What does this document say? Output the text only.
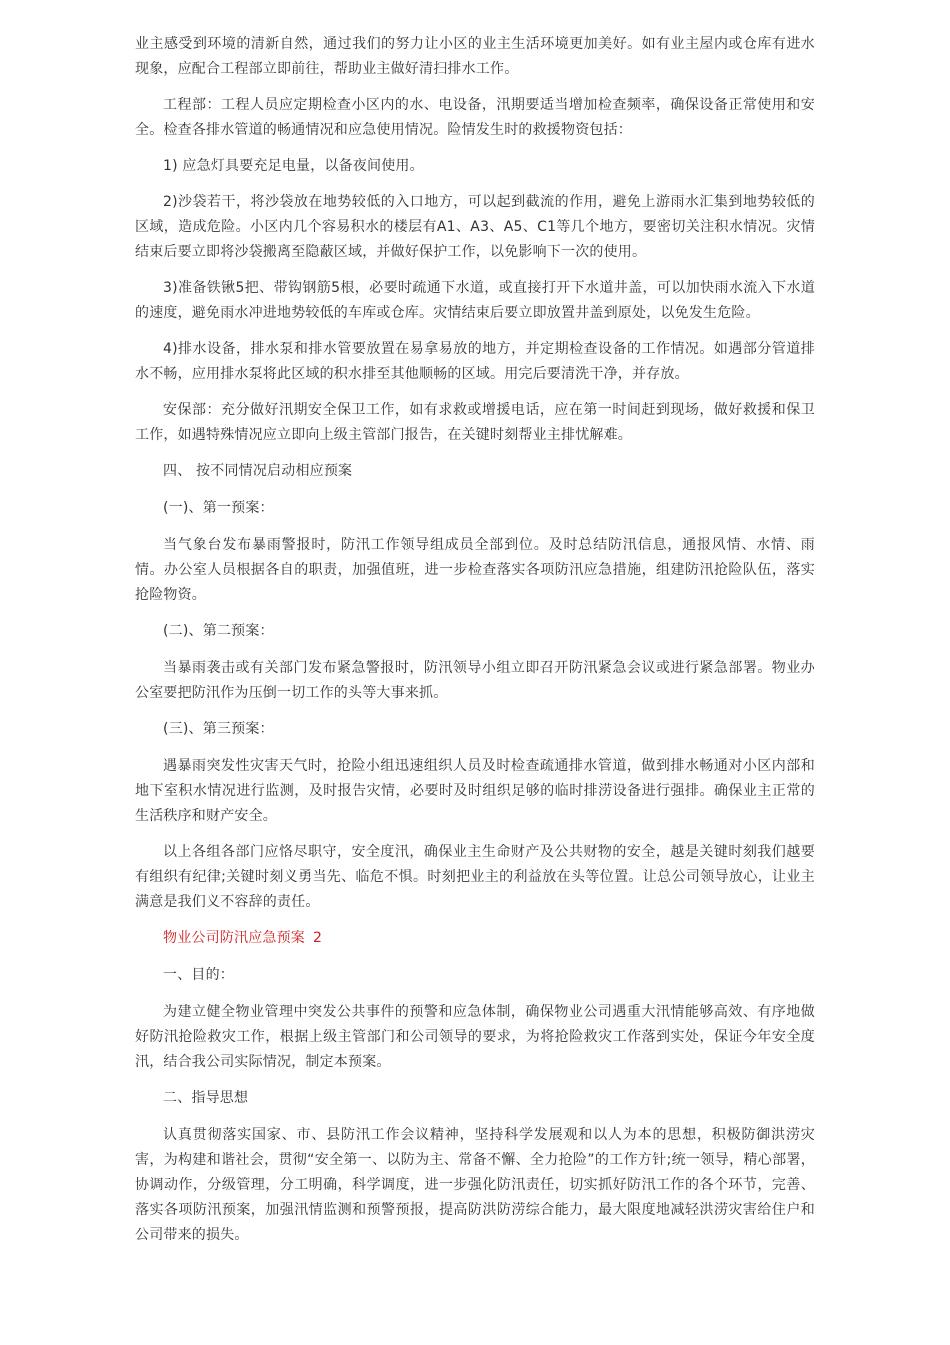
业主感受到环境的清新自然，通过我们的努力让小区的业主生活环境更加美好。如有业主屋内或仓库有进水现象，应配合工程部立即前往，帮助业主做好清扫排水工作。

工程部：工程人员应定期检查小区内的水、电设备，汛期要适当增加检查频率，确保设备正常使用和安全。检查各排水管道的畅通情况和应急使用情况。险情发生时的救援物资包括：

1) 应急灯具要充足电量，以备夜间使用。

2)沙袋若干，将沙袋放在地势较低的入口地方，可以起到截流的作用，避免上游雨水汇集到地势较低的区域，造成危险。小区内几个容易积水的楼层有A1、A3、A5、C1等几个地方，要密切关注积水情况。灾情结束后要立即将沙袋搬离至隐蔽区域，并做好保护工作，以免影响下一次的使用。

3)准备铁锹5把、带钩钢筋5根，必要时疏通下水道，或直接打开下水道井盖，可以加快雨水流入下水道的速度，避免雨水冲进地势较低的车库或仓库。灾情结束后要立即放置井盖到原处，以免发生危险。

4)排水设备，排水泵和排水管要放置在易拿易放的地方，并定期检查设备的工作情况。如遇部分管道排水不畅，应用排水泵将此区域的积水排至其他顺畅的区域。用完后要清洗干净，并存放。

安保部：充分做好汛期安全保卫工作，如有求救或增援电话，应在第一时间赶到现场，做好救援和保卫工作，如遇特殊情况应立即向上级主管部门报告，在关键时刻帮业主排忧解难。

四、 按不同情况启动相应预案

(一)、第一预案：

当气象台发布暴雨警报时，防汛工作领导组成员全部到位。及时总结防汛信息，通报风情、水情、雨情。办公室人员根据各自的职责，加强值班，进一步检查落实各项防汛应急措施，组建防汛抢险队伍，落实抢险物资。

(二)、第二预案：

当暴雨袭击或有关部门发布紧急警报时，防汛领导小组立即召开防汛紧急会议或进行紧急部署。物业办公室要把防汛作为压倒一切工作的头等大事来抓。

(三)、第三预案：

遇暴雨突发性灾害天气时，抢险小组迅速组织人员及时检查疏通排水管道，做到排水畅通对小区内部和地下室积水情况进行监测，及时报告灾情，必要时及时组织足够的临时排涝设备进行强排。确保业主正常的生活秩序和财产安全。

以上各组各部门应恪尽职守，安全度汛，确保业主生命财产及公共财物的安全，越是关键时刻我们越要有组织有纪律;关键时刻义勇当先、临危不惧。时刻把业主的利益放在头等位置。让总公司领导放心，让业主满意是我们义不容辞的责任。

物业公司防汛应急预案 2

一、目的：

为建立健全物业管理中突发公共事件的预警和应急体制，确保物业公司遇重大汛情能够高效、有序地做好防汛抢险救灾工作，根据上级主管部门和公司领导的要求，为将抢险救灾工作落到实处，保证今年安全度汛，结合我公司实际情况，制定本预案。

二、指导思想

认真贯彻落实国家、市、县防汛工作会议精神，坚持科学发展观和以人为本的思想，积极防御洪涝灾害，为构建和谐社会，贯彻“安全第一、以防为主、常备不懈、全力抢险”的工作方针;统一领导，精心部署，协调动作，分级管理，分工明确，科学调度，进一步强化防汛责任，切实抓好防汛工作的各个环节，完善、落实各项防汛预案，加强汛情监测和预警预报，提高防洪防涝综合能力，最大限度地减轻洪涝灾害给住户和公司带来的损失。
